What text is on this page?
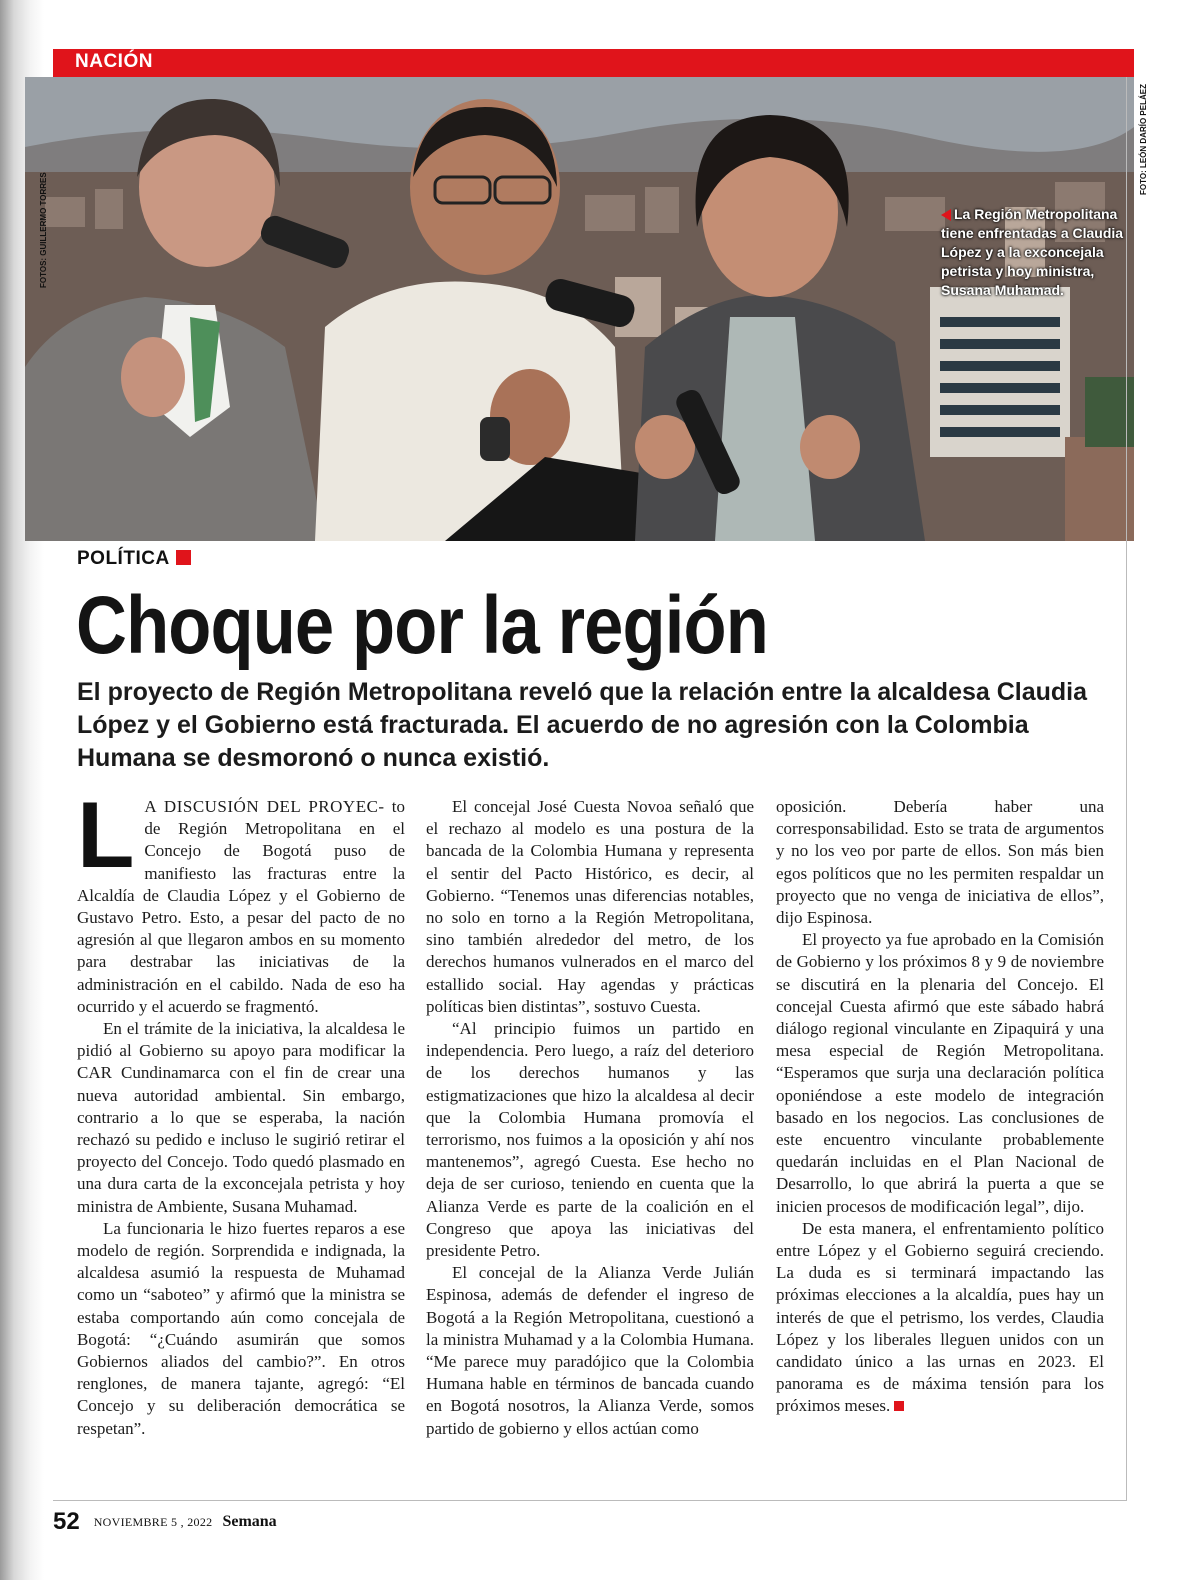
NACIÓN
La Región Metropolitana tiene enfrentadas a Claudia López y a la exconcejala petrista y hoy ministra, Susana Muhamad.
FOTOS: GUILLERMO TORRES
FOTO: LEÓN DARÍO PELÁEZ
POLÍTICA
Choque por la región

El proyecto de Región Metropolitana reveló que la relación entre la alcaldesa Claudia López y el Gobierno está fracturada. El acuerdo de no agresión con la Colombia Humana se desmoronó o nunca existió.

L A DISCUSIÓN DEL PROYEC- to de Región Metropolitana en el Concejo de Bogotá puso de manifiesto las fracturas entre la Alcaldía de Claudia López y el Gobierno de Gustavo Petro. Esto, a pesar del pacto de no agresión al que llegaron ambos en su momento para destrabar las iniciativas de la administración en el cabildo. Nada de eso ha ocurrido y el acuerdo se fragmentó.

En el trámite de la iniciativa, la alcaldesa le pidió al Gobierno su apoyo para modificar la CAR Cundinamarca con el fin de crear una nueva autoridad ambiental. Sin embargo, contrario a lo que se esperaba, la nación rechazó su pedido e incluso le sugirió retirar el proyecto del Concejo. Todo quedó plasmado en una dura carta de la exconcejala petrista y hoy ministra de Ambiente, Susana Muhamad.

La funcionaria le hizo fuertes reparos a ese modelo de región. Sorprendida e indignada, la alcaldesa asumió la respuesta de Muhamad como un “saboteo” y afirmó que la ministra se estaba comportando aún como concejala de Bogotá: “¿Cuándo asumirán que somos Gobiernos aliados del cambio?”. En otros renglones, de manera tajante, agregó: “El Concejo y su deliberación democrática se respetan”.

El concejal José Cuesta Novoa señaló que el rechazo al modelo es una postura de la bancada de la Colombia Humana y representa el sentir del Pacto Histórico, es decir, al Gobierno. “Tenemos unas diferencias notables, no solo en torno a la Región Metropolitana, sino también alrededor del metro, de los derechos humanos vulnerados en el marco del estallido social. Hay agendas y prácticas políticas bien distintas”, sostuvo Cuesta.

“Al principio fuimos un partido en independencia. Pero luego, a raíz del deterioro de los derechos humanos y las estigmatizaciones que hizo la alcaldesa al decir que la Colombia Humana promovía el terrorismo, nos fuimos a la oposición y ahí nos mantenemos”, agregó Cuesta. Ese hecho no deja de ser curioso, teniendo en cuenta que la Alianza Verde es parte de la coalición en el Congreso que apoya las iniciativas del presidente Petro.

El concejal de la Alianza Verde Julián Espinosa, además de defender el ingreso de Bogotá a la Región Metropolitana, cuestionó a la ministra Muhamad y a la Colombia Humana. “Me parece muy paradójico que la Colombia Humana hable en términos de bancada cuando en Bogotá nosotros, la Alianza Verde, somos partido de gobierno y ellos actúan como

oposición. Debería haber una corresponsabilidad. Esto se trata de argumentos y no los veo por parte de ellos. Son más bien egos políticos que no les permiten respaldar un proyecto que no venga de iniciativa de ellos”, dijo Espinosa.

El proyecto ya fue aprobado en la Comisión de Gobierno y los próximos 8 y 9 de noviembre se discutirá en la plenaria del Concejo. El concejal Cuesta afirmó que este sábado habrá diálogo regional vinculante en Zipaquirá y una mesa especial de Región Metropolitana. “Esperamos que surja una declaración política oponiéndose a este modelo de integración basado en los negocios. Las conclusiones de este encuentro vinculante probablemente quedarán incluidas en el Plan Nacional de Desarrollo, lo que abrirá la puerta a que se inicien procesos de modificación legal”, dijo.

De esta manera, el enfrentamiento político entre López y el Gobierno seguirá creciendo. La duda es si terminará impactando las próximas elecciones a la alcaldía, pues hay un interés de que el petrismo, los verdes, Claudia López y los liberales lleguen unidos con un candidato único a las urnas en 2023. El panorama es de máxima tensión para los próximos meses.

52 NOVIEMBRE 5 , 2022 Semana
